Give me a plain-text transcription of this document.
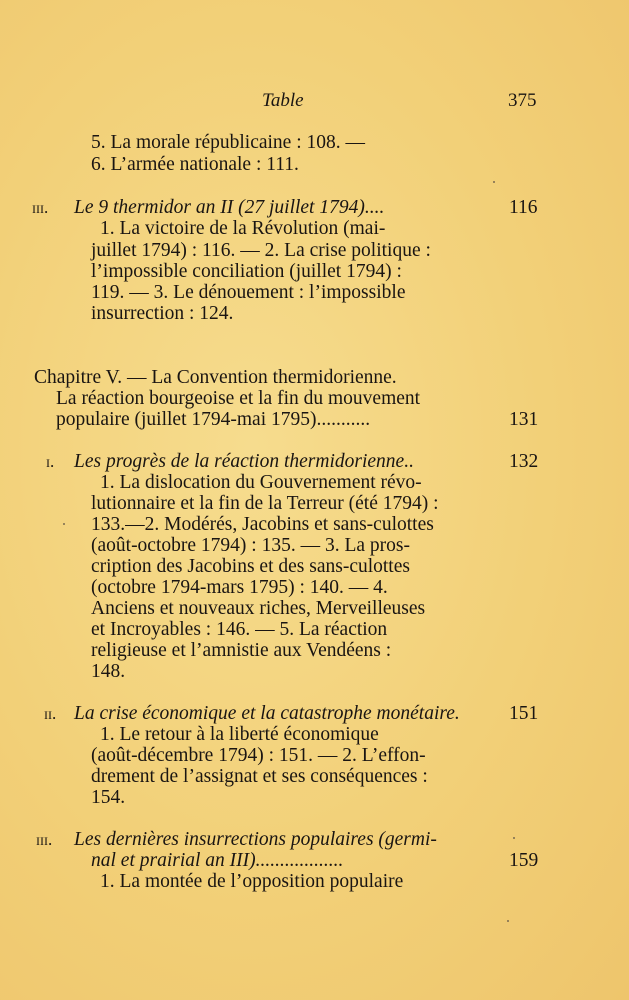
Table	375
5. La morale républicaine : 108. —
6. L’armée nationale : 111.
iii. Le 9 thermidor an II (27 juillet 1794)....	116
1. La victoire de la Révolution (mai-
juillet 1794) : 116. — 2. La crise politique :
l’impossible conciliation (juillet 1794) :
119. — 3. Le dénouement : l’impossible
insurrection : 124.
Chapitre V. — La Convention thermidorienne.
La réaction bourgeoise et la fin du mouvement
populaire (juillet 1794-mai 1795)...........	131
i. Les progrès de la réaction thermidorienne..	132
1. La dislocation du Gouvernement révo-
lutionnaire et la fin de la Terreur (été 1794) :
133.—2. Modérés, Jacobins et sans-culottes
(août-octobre 1794) : 135. — 3. La pros-
cription des Jacobins et des sans-culottes
(octobre 1794-mars 1795) : 140. — 4.
Anciens et nouveaux riches, Merveilleuses
et Incroyables : 146. — 5. La réaction
religieuse et l’amnistie aux Vendéens :
148.
ii. La crise économique et la catastrophe monétaire.	151
1. Le retour à la liberté économique
(août-décembre 1794) : 151. — 2. L’effon-
drement de l’assignat et ses conséquences :
154.
iii. Les dernières insurrections populaires (germi-
nal et prairial an III)..................	159
1. La montée de l’opposition populaire
